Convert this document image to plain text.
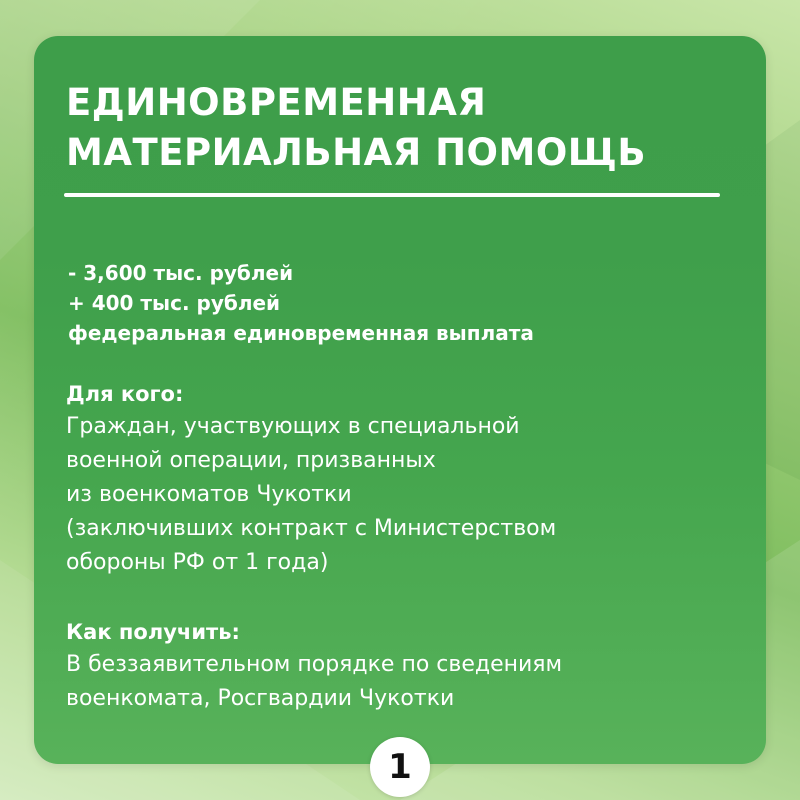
ЕДИНОВРЕМЕННАЯ
МАТЕРИАЛЬНАЯ ПОМОЩЬ
- 3,600 тыс. рублей
+ 400 тыс. рублей
федеральная единовременная выплата
Для кого:
Граждан, участвующих в специальной
военной операции, призванных
из военкоматов Чукотки
(заключивших контракт с Министерством
обороны РФ от 1 года)
Как получить:
В беззаявительном порядке по сведениям
военкомата, Росгвардии Чукотки
1
